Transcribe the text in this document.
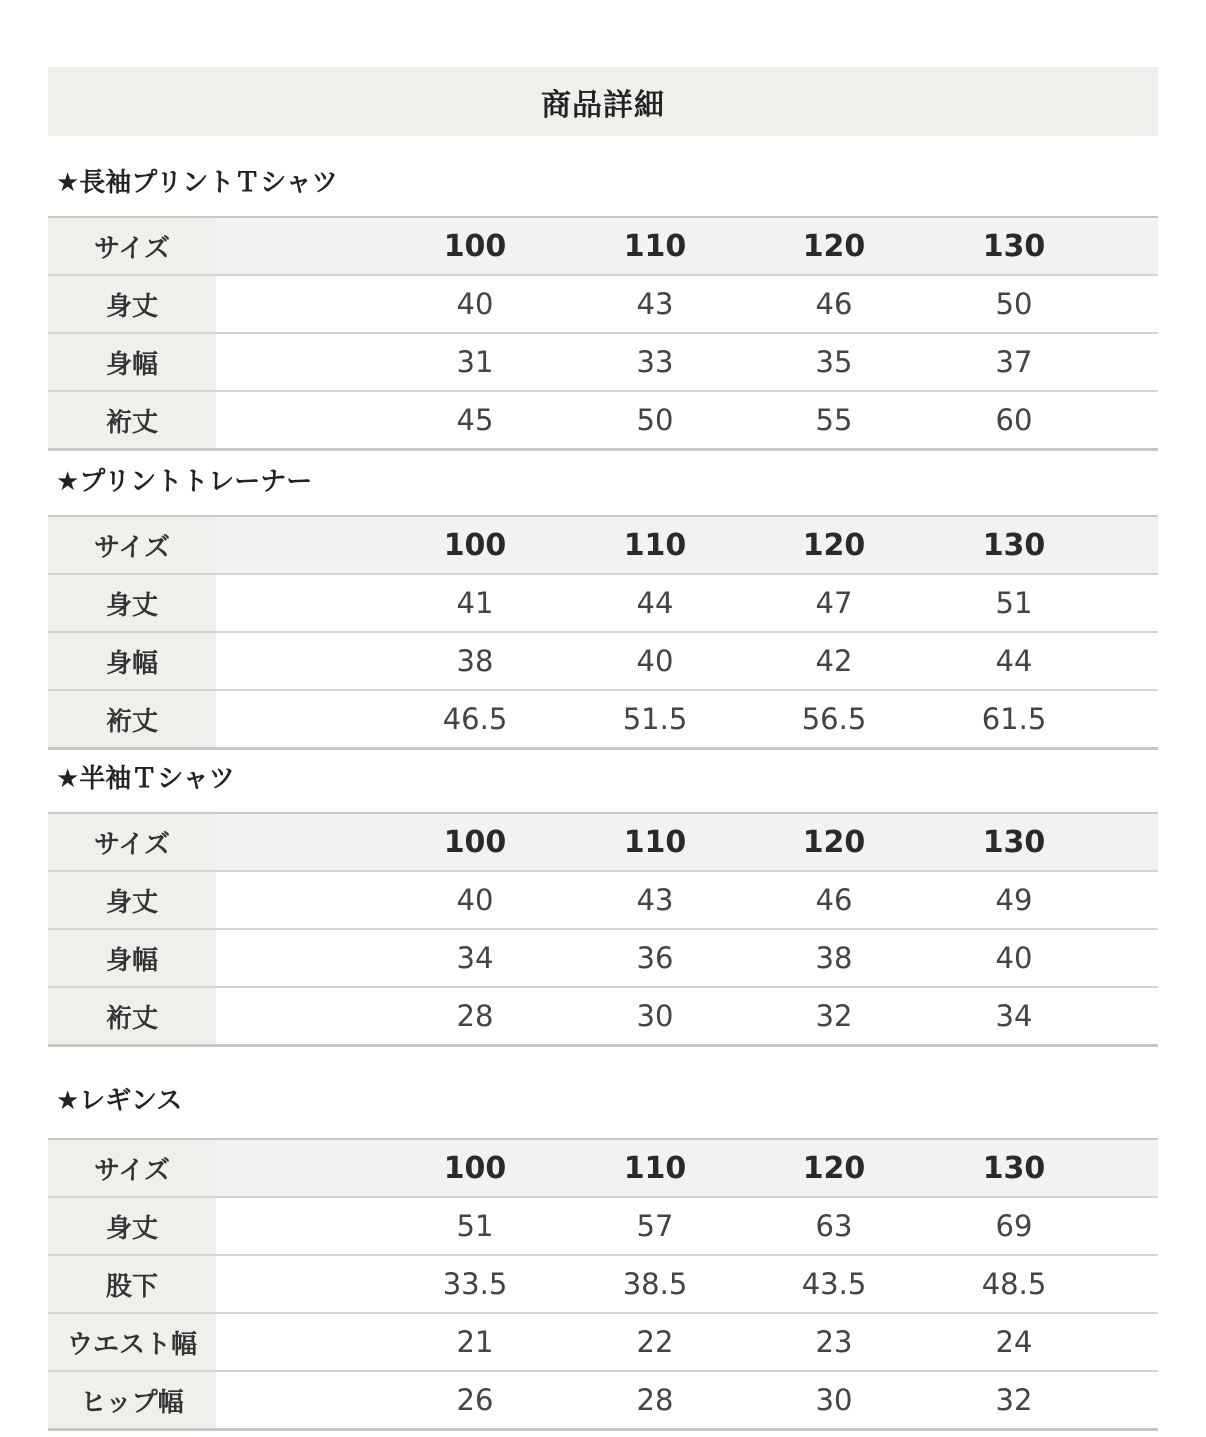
商品詳細
★長袖プリントＴシャツ
サイズ	100	110	120	130
身丈	40	43	46	50
身幅	31	33	35	37
裄丈	45	50	55	60
★プリントトレーナー
サイズ	100	110	120	130
身丈	41	44	47	51
身幅	38	40	42	44
裄丈	46.5	51.5	56.5	61.5
★半袖Ｔシャツ
サイズ	100	110	120	130
身丈	40	43	46	49
身幅	34	36	38	40
裄丈	28	30	32	34
★レギンス
サイズ	100	110	120	130
身丈	51	57	63	69
股下	33.5	38.5	43.5	48.5
ウエスト幅	21	22	23	24
ヒップ幅	26	28	30	32
